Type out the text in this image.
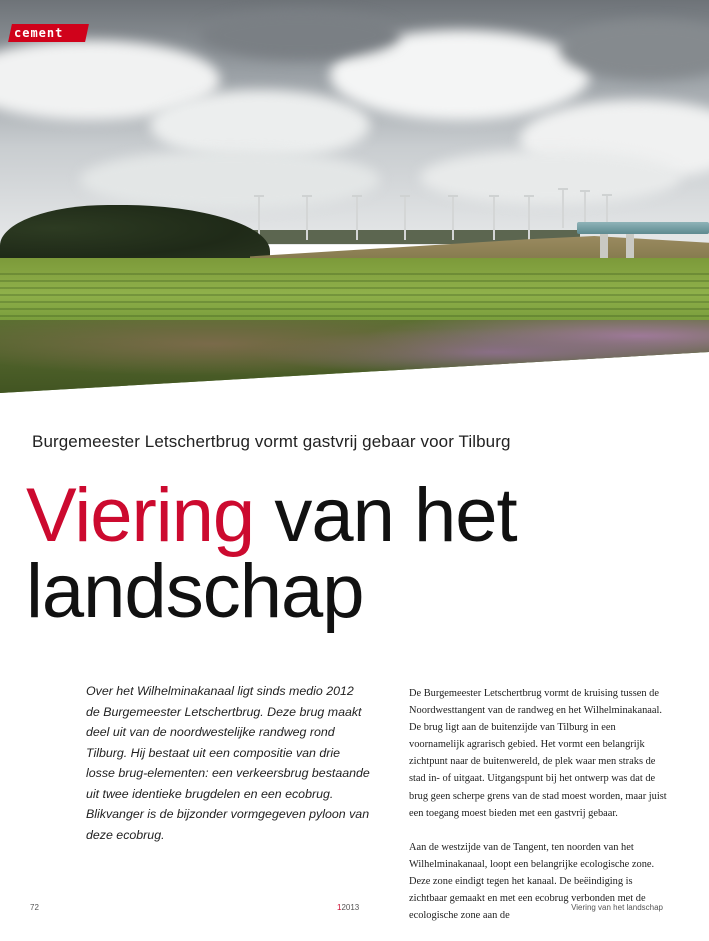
cement
Burgemeester Letschertbrug vormt gastvrij gebaar voor Tilburg
Viering van het
landschap

Over het Wilhelminakanaal ligt sinds medio 2012 de Burgemeester Letschertbrug. Deze brug maakt deel uit van de noordwestelijke randweg rond Tilburg. Hij bestaat uit een compositie van drie losse brug-elementen: een verkeersbrug bestaande uit twee identieke brugdelen en een ecobrug. Blikvanger is de bijzonder vormgegeven pyloon van deze ecobrug.

De Burgemeester Letschertbrug vormt de kruising tussen de Noordwesttangent van de randweg en het Wilhelminakanaal. De brug ligt aan de buitenzijde van Tilburg in een voornamelijk agrarisch gebied. Het vormt een belangrijk zichtpunt naar de buitenwereld, de plek waar men straks de stad in- of uitgaat. Uitgangspunt bij het ontwerp was dat de brug geen scherpe grens van de stad moest worden, maar juist een toegang moest bieden met een gastvrij gebaar.

Aan de westzijde van de Tangent, ten noorden van het Wilhelminakanaal, loopt een belangrijke ecologische zone. Deze zone eindigt tegen het kanaal. De beëindiging is zichtbaar gemaakt en met een ecobrug verbonden met de ecologische zone aan de

72	12013	Viering van het landschap
